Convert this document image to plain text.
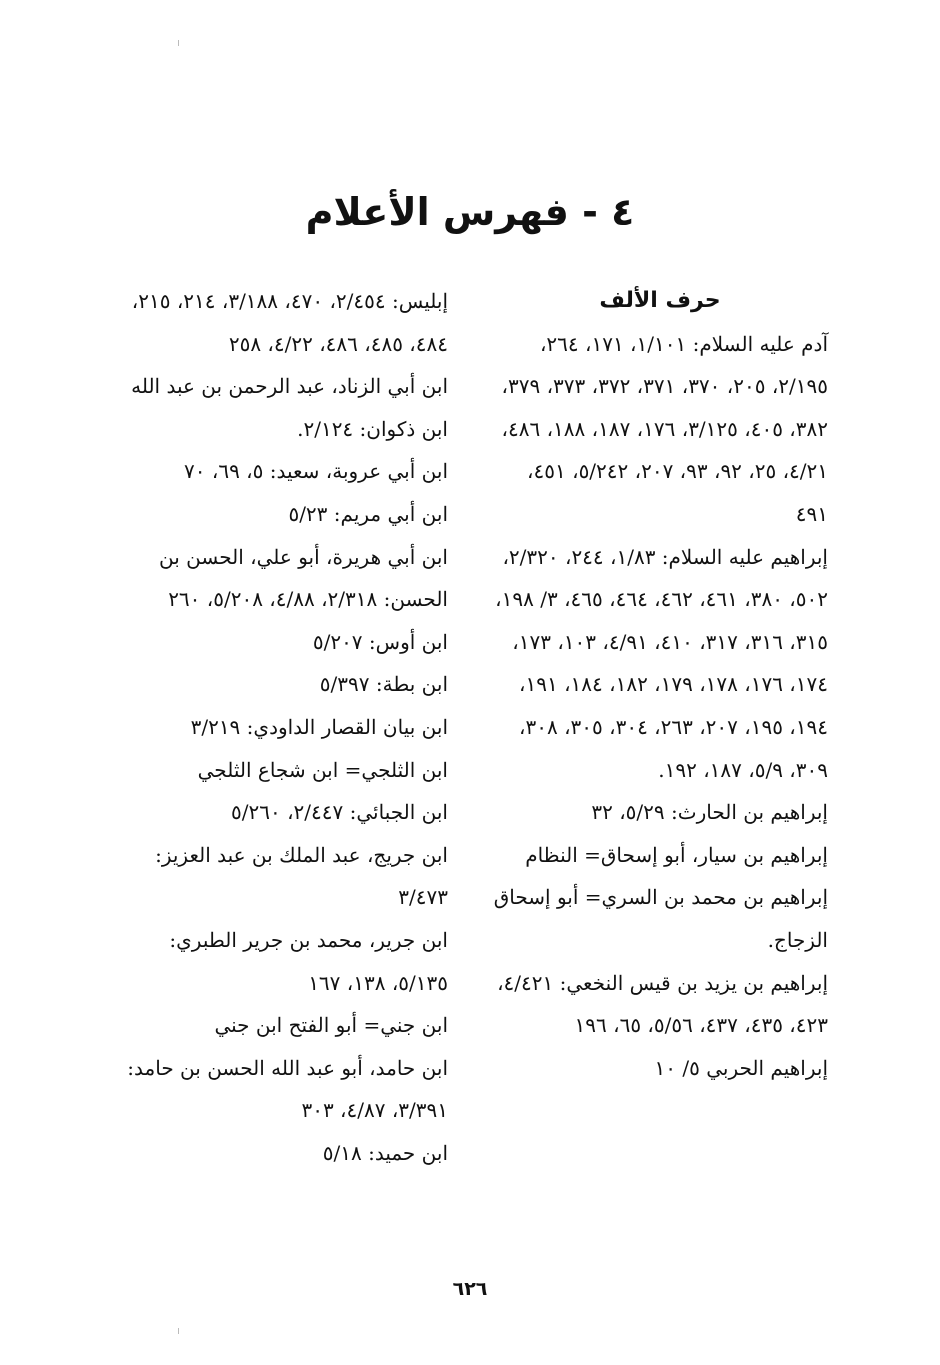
٤ - فهرس الأعلام
حرف الألف

آدم عليه السلام: ١/١٠١، ١٧١، ٢٦٤، ٢/١٩٥، ٢٠٥، ٣٧٠، ٣٧١، ٣٧٢، ٣٧٣، ٣٧٩، ٣٨٢، ٤٠٥، ٣/١٢٥، ١٧٦، ١٨٧، ١٨٨، ٤٨٦، ٤/٢١، ٢٥، ٩٢، ٩٣، ٢٠٧، ٥/٢٤٢، ٤٥١، ٤٩١

إبراهيم عليه السلام: ١/٨٣، ٢٤٤، ٢/٣٢٠، ٥٠٢، ٣٨٠، ٤٦١، ٤٦٢، ٤٦٤، ٤٦٥، ٣/ ١٩٨، ٣١٥، ٣١٦، ٣١٧، ٤١٠، ٤/٩١، ١٠٣، ١٧٣، ١٧٤، ١٧٦، ١٧٨، ١٧٩، ١٨٢، ١٨٤، ١٩١، ١٩٤، ١٩٥، ٢٠٧، ٢٦٣، ٣٠٤، ٣٠٥، ٣٠٨، ٣٠٩، ٥/٩، ١٨٧، ١٩٢.

إبراهيم بن الحارث: ٥/٢٩، ٣٢

إبراهيم بن سيار، أبو إسحاق= النظام

إبراهيم بن محمد بن السري= أبو إسحاق الزجاج.

إبراهيم بن يزيد بن قيس النخعي: ٤/٤٢١، ٤٢٣، ٤٣٥، ٤٣٧، ٥/٥٦، ٦٥، ١٩٦

إبراهيم الحربي ٥/ ١٠

إبليس: ٢/٤٥٤، ٤٧٠، ٣/١٨٨، ٢١٤، ٢١٥، ٤٨٤، ٤٨٥، ٤٨٦، ٤/٢٢، ٢٥٨

ابن أبي الزناد، عبد الرحمن بن عبد الله ابن ذكوان: ٢/١٢٤.

ابن أبي عروبة، سعيد: ٥، ٦٩، ٧٠

ابن أبي مريم: ٥/٢٣

ابن أبي هريرة، أبو علي، الحسن بن الحسن: ٢/٣١٨، ٤/٨٨، ٥/٢٠٨، ٢٦٠

ابن أوس: ٥/٢٠٧

ابن بطة: ٥/٣٩٧

ابن بيان القصار الداودي: ٣/٢١٩

ابن الثلجي= ابن شجاع الثلجي

ابن الجبائي: ٢/٤٤٧، ٥/٢٦٠

ابن جريج، عبد الملك بن عبد العزيز: ٣/٤٧٣

ابن جرير، محمد بن جرير الطبري: ٥/١٣٥، ١٣٨، ١٦٧

ابن جني= أبو الفتح ابن جني

ابن حامد، أبو عبد الله الحسن بن حامد: ٣/٣٩١، ٤/٨٧، ٣٠٣

ابن حميد: ٥/١٨

٦٢٦
